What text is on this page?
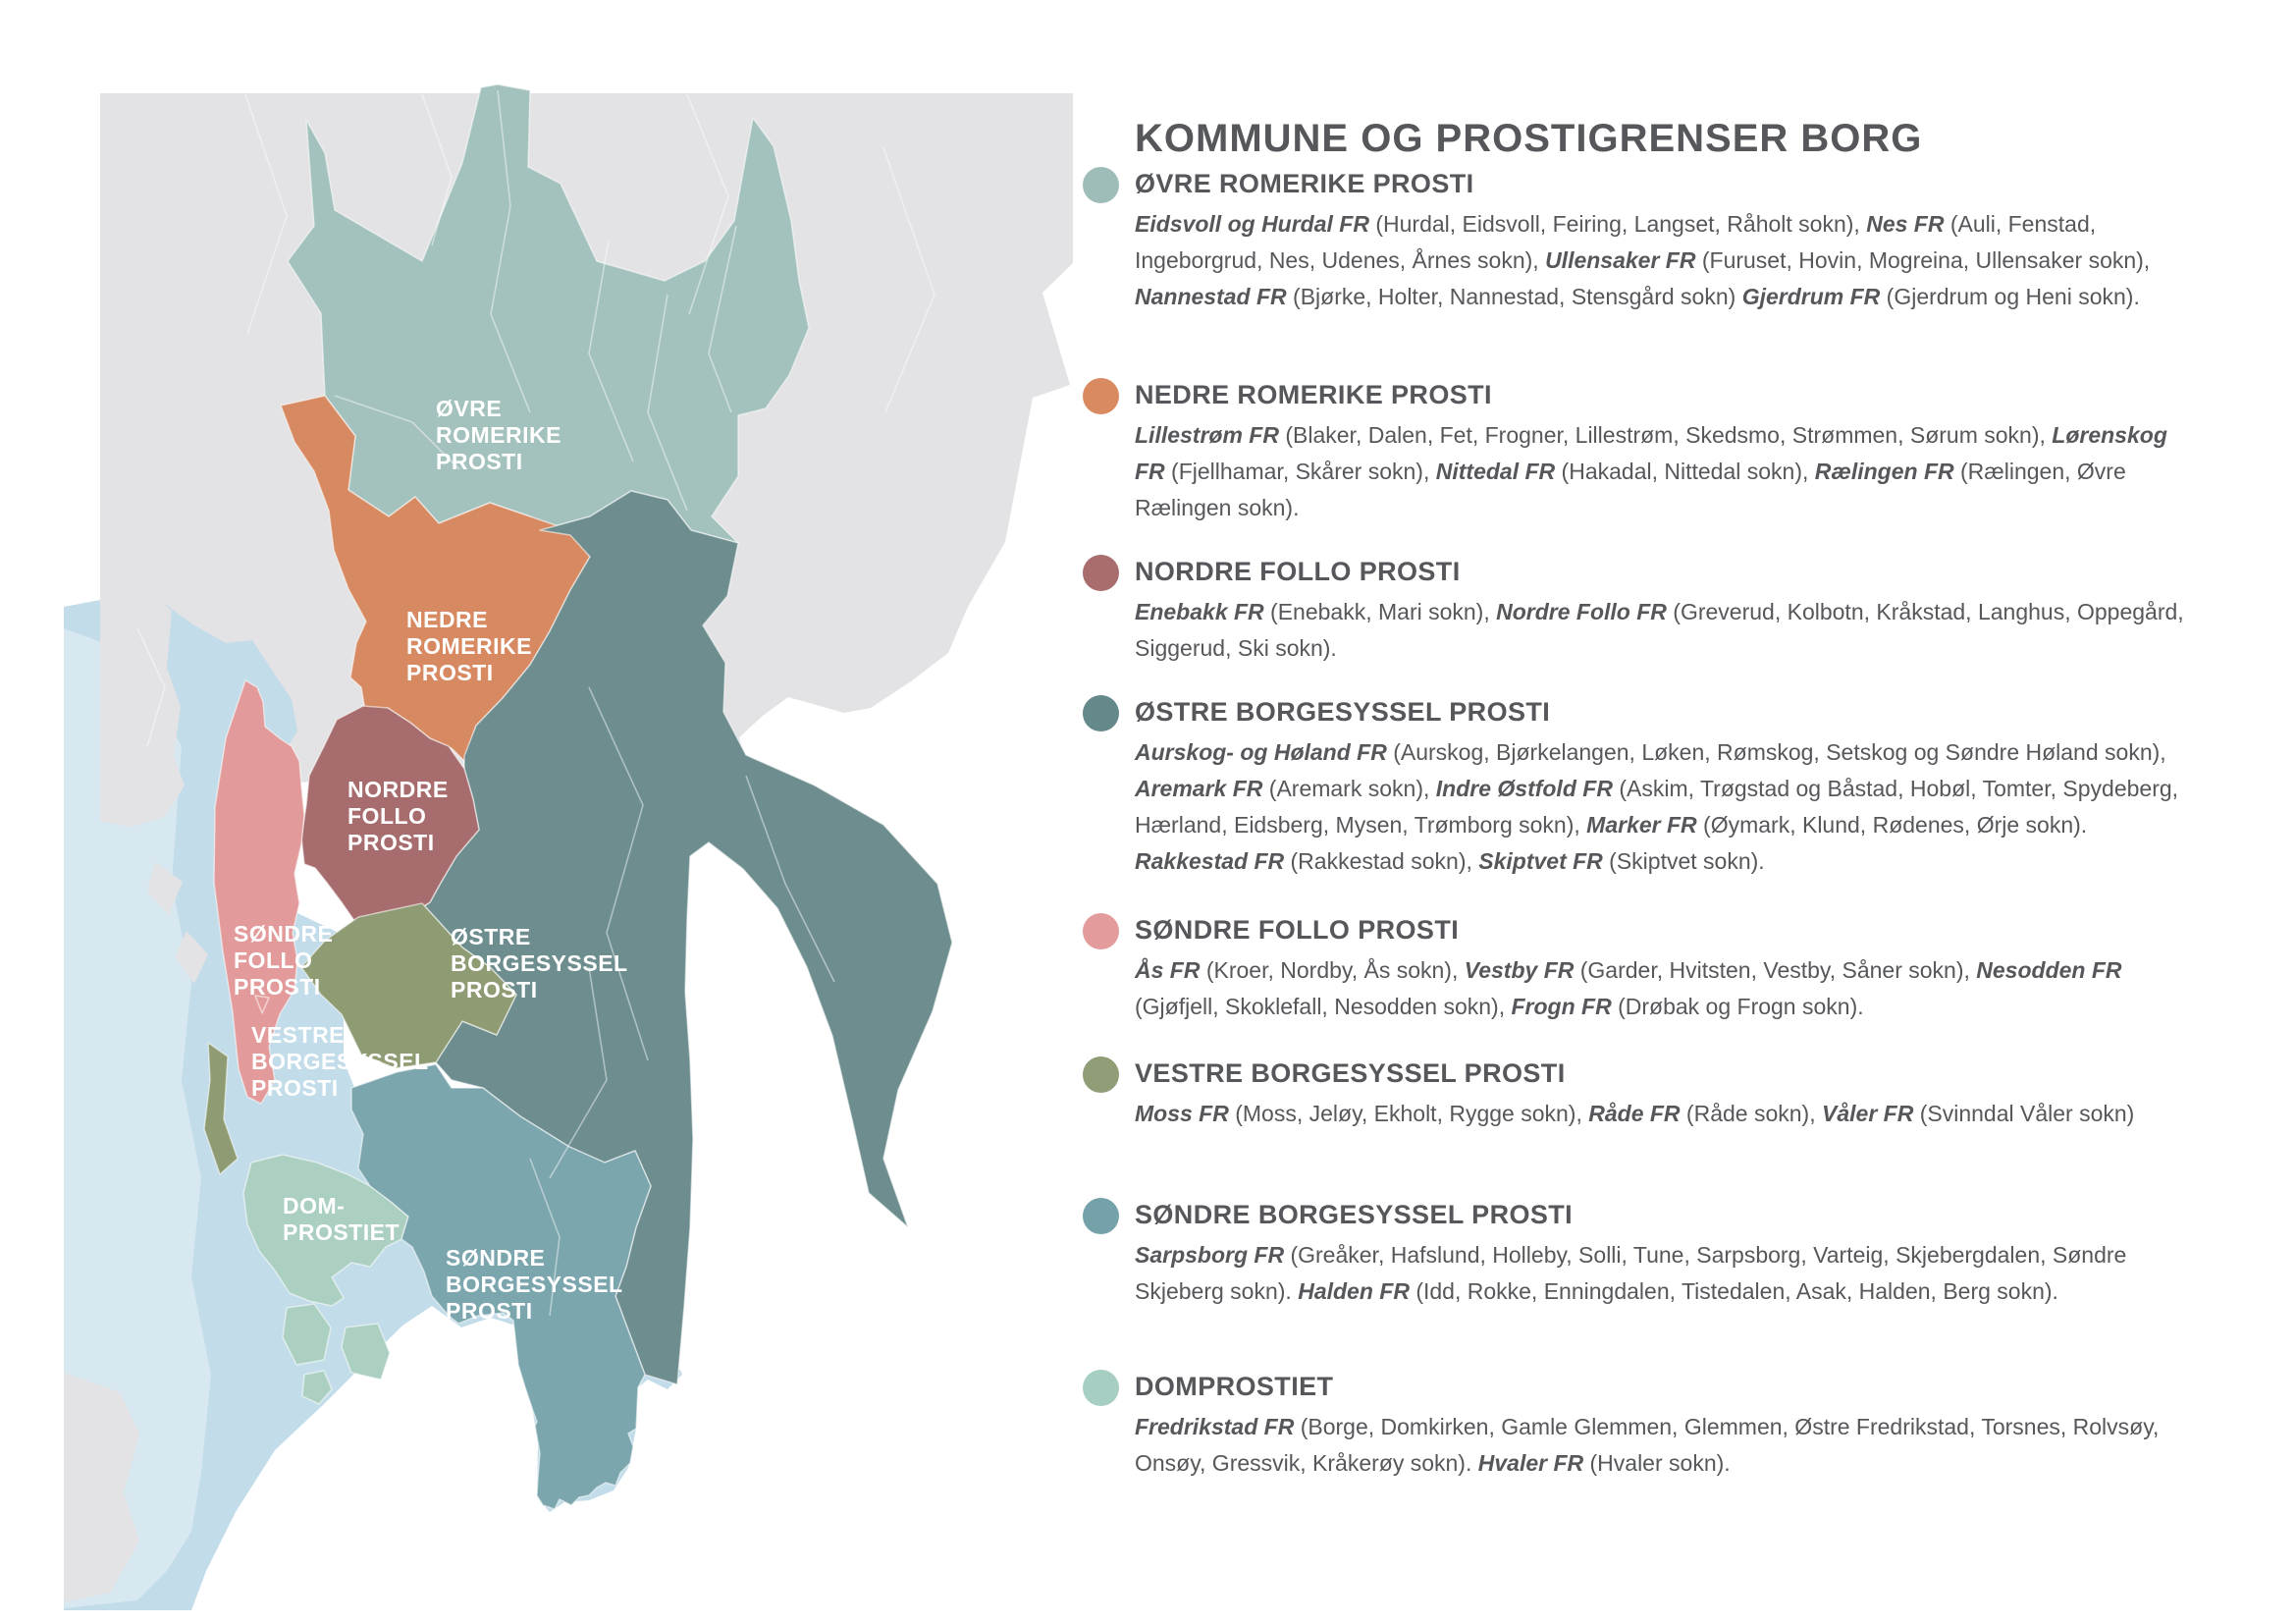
ØVRE ROMERIKE PROSTI
NEDRE ROMERIKE PROSTI
NORDRE FOLLO PROSTI
SØNDRE FOLLO PROSTI
ØSTRE BORGESYSSEL PROSTI
VESTRE BORGESYSSEL PROSTI
DOM-PROSTIET
SØNDRE BORGESYSSEL PROSTI
KOMMUNE OG PROSTIGRENSER BORG
ØVRE ROMERIKE PROSTI

Eidsvoll og Hurdal FR (Hurdal, Eidsvoll, Feiring, Langset, Råholt sokn), Nes FR (Auli, Fenstad, Ingeborgrud, Nes, Udenes, Årnes sokn), Ullensaker FR (Furuset, Hovin, Mogreina, Ullensaker sokn), Nannestad FR (Bjørke, Holter, Nannestad, Stensgård sokn) Gjerdrum FR (Gjerdrum og Heni sokn).

NEDRE ROMERIKE PROSTI

Lillestrøm FR (Blaker, Dalen, Fet, Frogner, Lillestrøm, Skedsmo, Strømmen, Sørum sokn), Lørenskog FR (Fjellhamar, Skårer sokn), Nittedal FR (Hakadal, Nittedal sokn), Rælingen FR (Rælingen, Øvre Rælingen sokn).

NORDRE FOLLO PROSTI

Enebakk FR (Enebakk, Mari sokn), Nordre Follo FR (Greverud, Kolbotn, Kråkstad, Langhus, Oppegård, Siggerud, Ski sokn).

ØSTRE BORGESYSSEL PROSTI

Aurskog- og Høland FR (Aurskog, Bjørkelangen, Løken, Rømskog, Setskog og Søndre Høland sokn), Aremark FR (Aremark sokn), Indre Østfold FR (Askim, Trøgstad og Båstad, Hobøl, Tomter, Spydeberg, Hærland, Eidsberg, Mysen, Trømborg sokn), Marker FR (Øymark, Klund, Rødenes, Ørje sokn). Rakkestad FR (Rakkestad sokn), Skiptvet FR (Skiptvet sokn).

SØNDRE FOLLO PROSTI

Ås FR (Kroer, Nordby, Ås sokn), Vestby FR (Garder, Hvitsten, Vestby, Såner sokn), Nesodden FR (Gjøfjell, Skoklefall, Nesodden sokn), Frogn FR (Drøbak og Frogn sokn).

VESTRE BORGESYSSEL PROSTI

Moss FR (Moss, Jeløy, Ekholt, Rygge sokn), Råde FR (Råde sokn), Våler FR (Svinndal Våler sokn)

SØNDRE BORGESYSSEL PROSTI

Sarpsborg FR (Greåker, Hafslund, Holleby, Solli, Tune, Sarpsborg, Varteig, Skjebergdalen, Søndre Skjeberg sokn). Halden FR (Idd, Rokke, Enningdalen, Tistedalen, Asak, Halden, Berg sokn).

DOMPROSTIET

Fredrikstad FR (Borge, Domkirken, Gamle Glemmen, Glemmen, Østre Fredrikstad, Torsnes, Rolvsøy, Onsøy, Gressvik, Kråkerøy sokn). Hvaler FR (Hvaler sokn).
